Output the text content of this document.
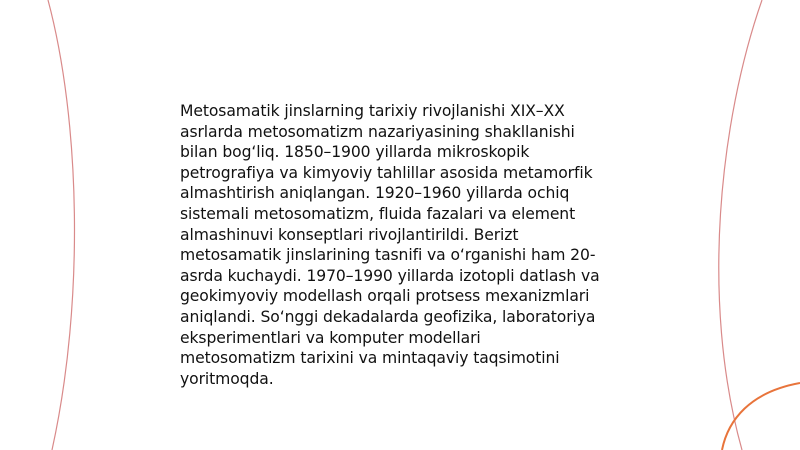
Metosamatik jinslarning tarixiy rivojlanishi XIX–XX
asrlarda metosomatizm nazariyasining shakllanishi
bilan bog‘liq. 1850–1900 yillarda mikroskopik
petrografiya va kimyoviy tahlillar asosida metamorfik
almashtirish aniqlangan. 1920–1960 yillarda ochiq
sistemali metosomatizm, fluida fazalari va element
almashinuvi konseptlari rivojlantirildi. Berizt
metosamatik jinslarining tasnifi va o‘rganishi ham 20-
asrda kuchaydi. 1970–1990 yillarda izotopli datlash va
geokimyoviy modellash orqali protsess mexanizmlari
aniqlandi. So‘nggi dekadalarda geofizika, laboratoriya
eksperimentlari va komputer modellari
metosomatizm tarixini va mintaqaviy taqsimotini
yoritmoqda.
